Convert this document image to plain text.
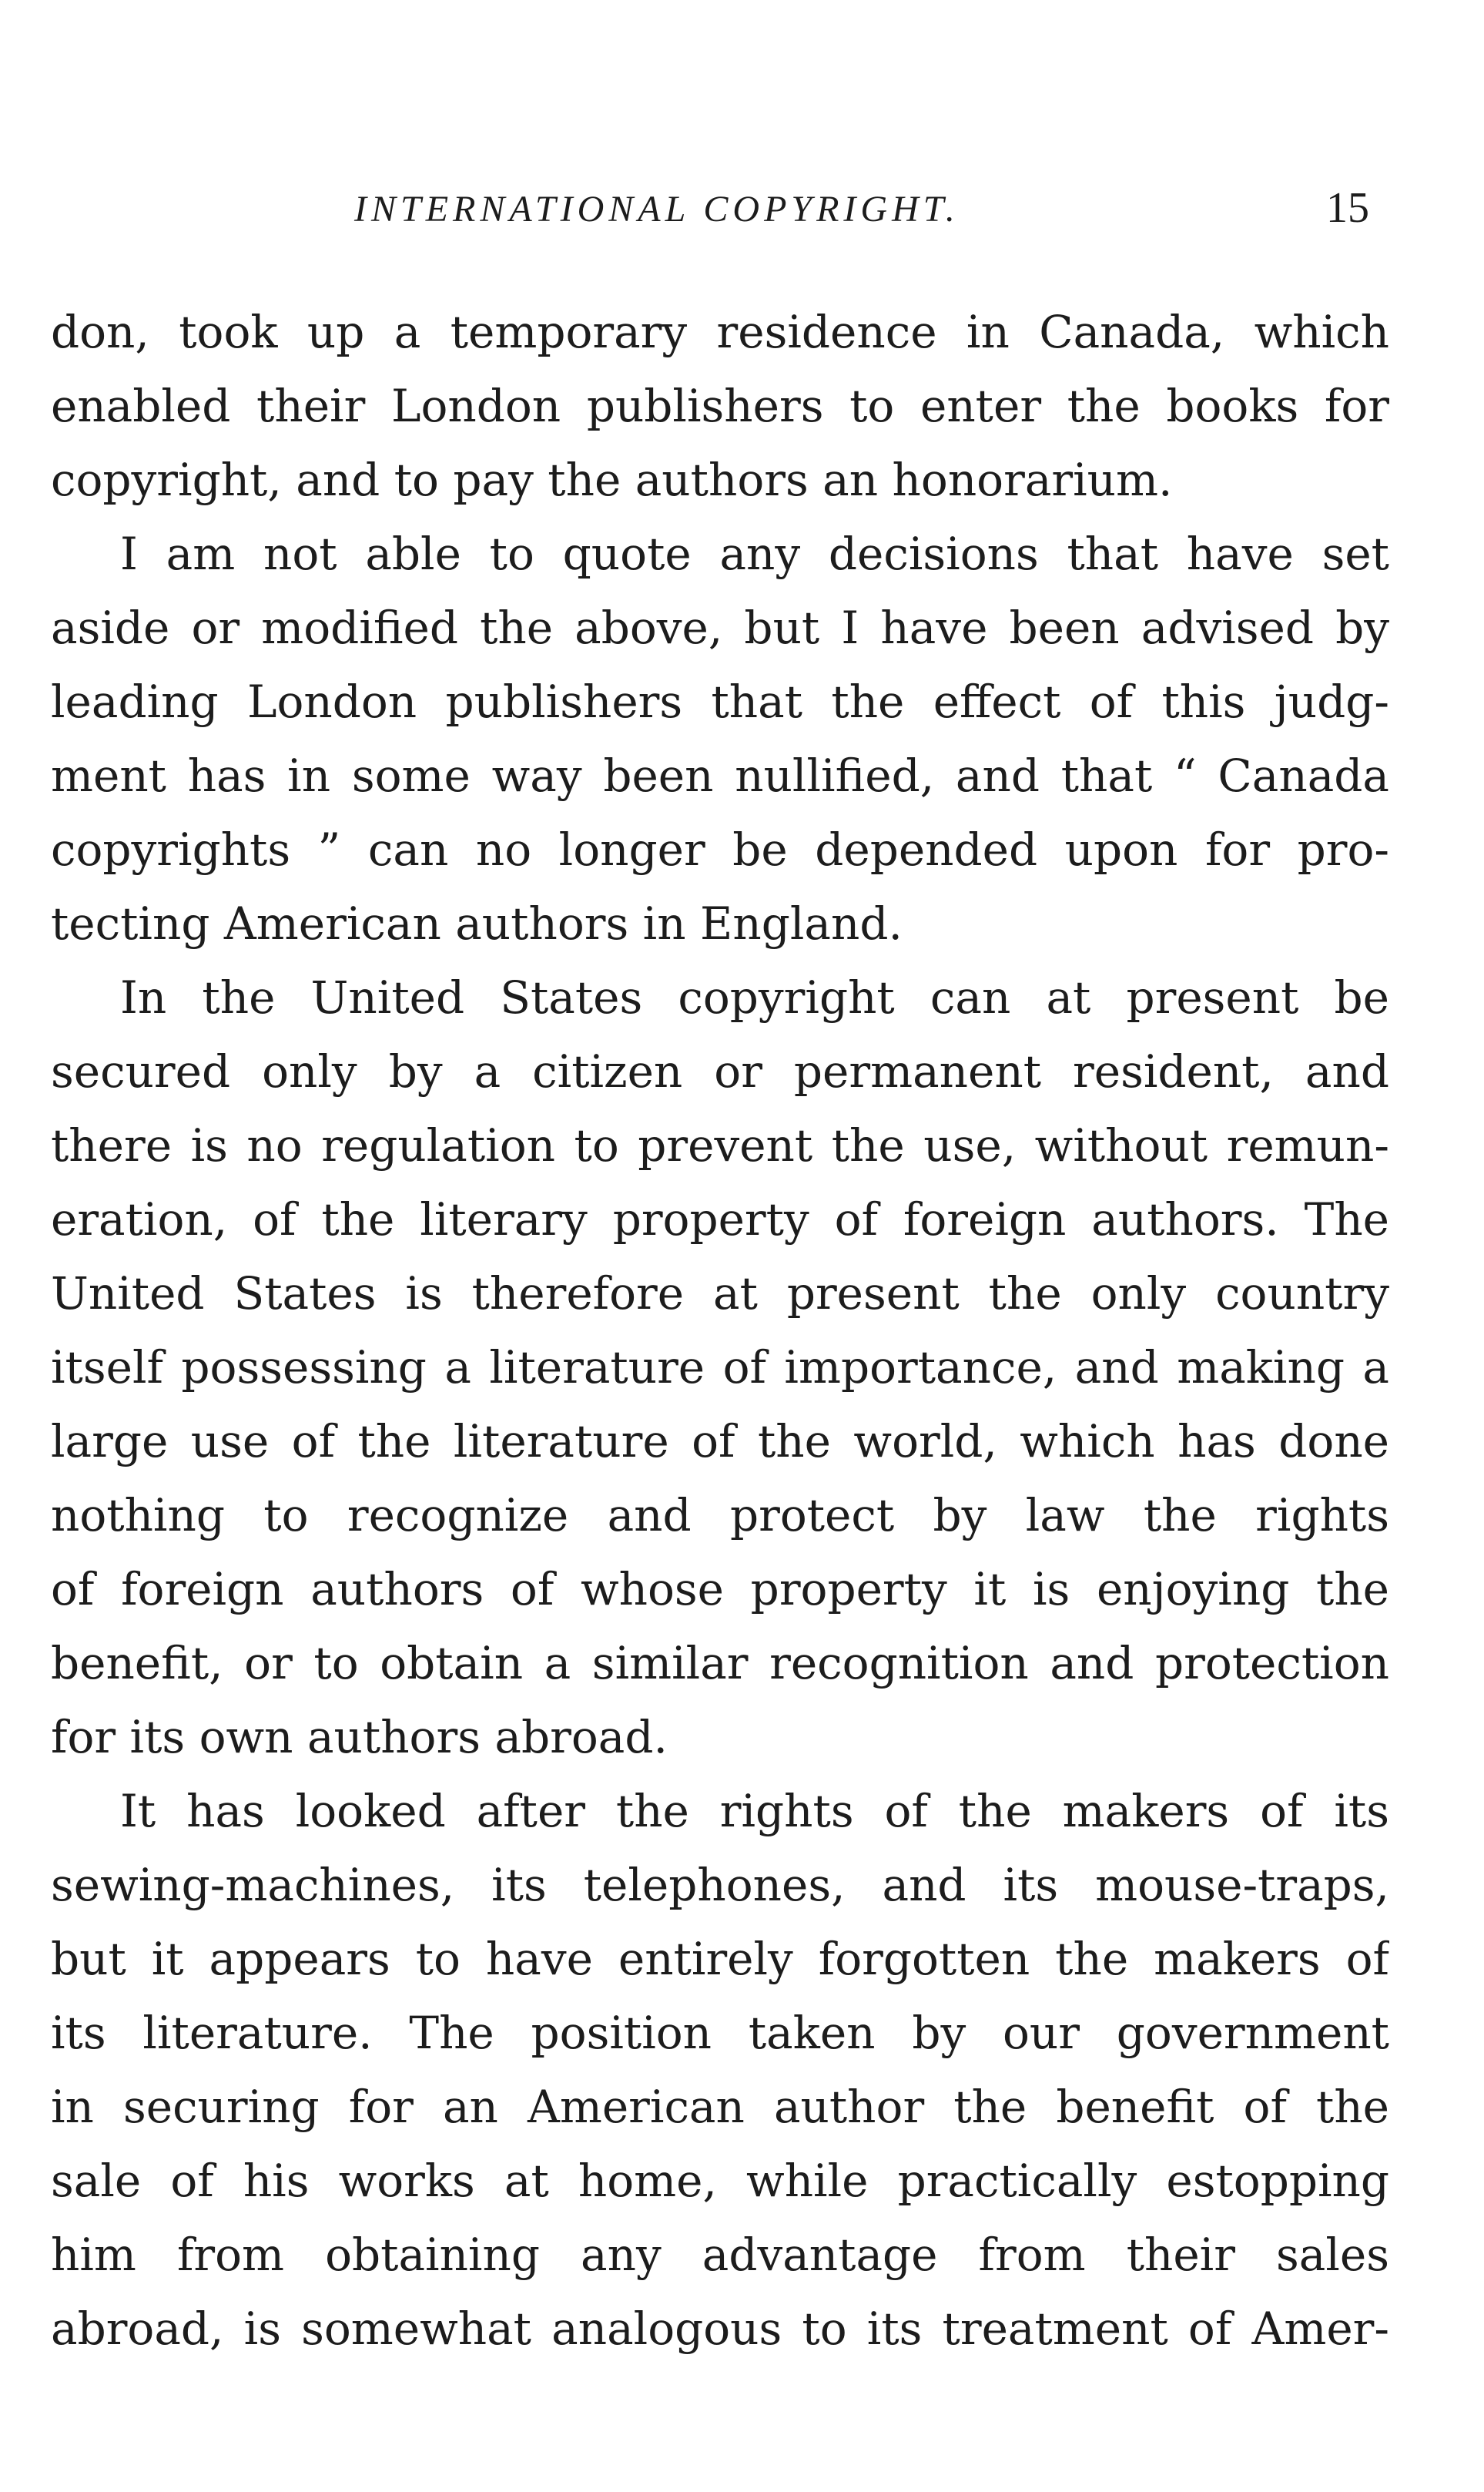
INTERNATIONAL COPYRIGHT.	15
don, took up a temporary residence in Canada, which
enabled their London publishers to enter the books for
copyright, and to pay the authors an honorarium.
I am not able to quote any decisions that have set
aside or modified the above, but I have been advised by
leading London publishers that the effect of this judg-
ment has in some way been nullified, and that “ Canada
copyrights ” can no longer be depended upon for pro-
tecting American authors in England.
In the United States copyright can at present be
secured only by a citizen or permanent resident, and
there is no regulation to prevent the use, without remun-
eration, of the literary property of foreign authors. The
United States is therefore at present the only country
itself possessing a literature of importance, and making a
large use of the literature of the world, which has done
nothing to recognize and protect by law the rights
of foreign authors of whose property it is enjoying the
benefit, or to obtain a similar recognition and protection
for its own authors abroad.
It has looked after the rights of the makers of its
sewing-machines, its telephones, and its mouse-traps,
but it appears to have entirely forgotten the makers of
its literature. The position taken by our government
in securing for an American author the benefit of the
sale of his works at home, while practically estopping
him from obtaining any advantage from their sales
abroad, is somewhat analogous to its treatment of Amer-
